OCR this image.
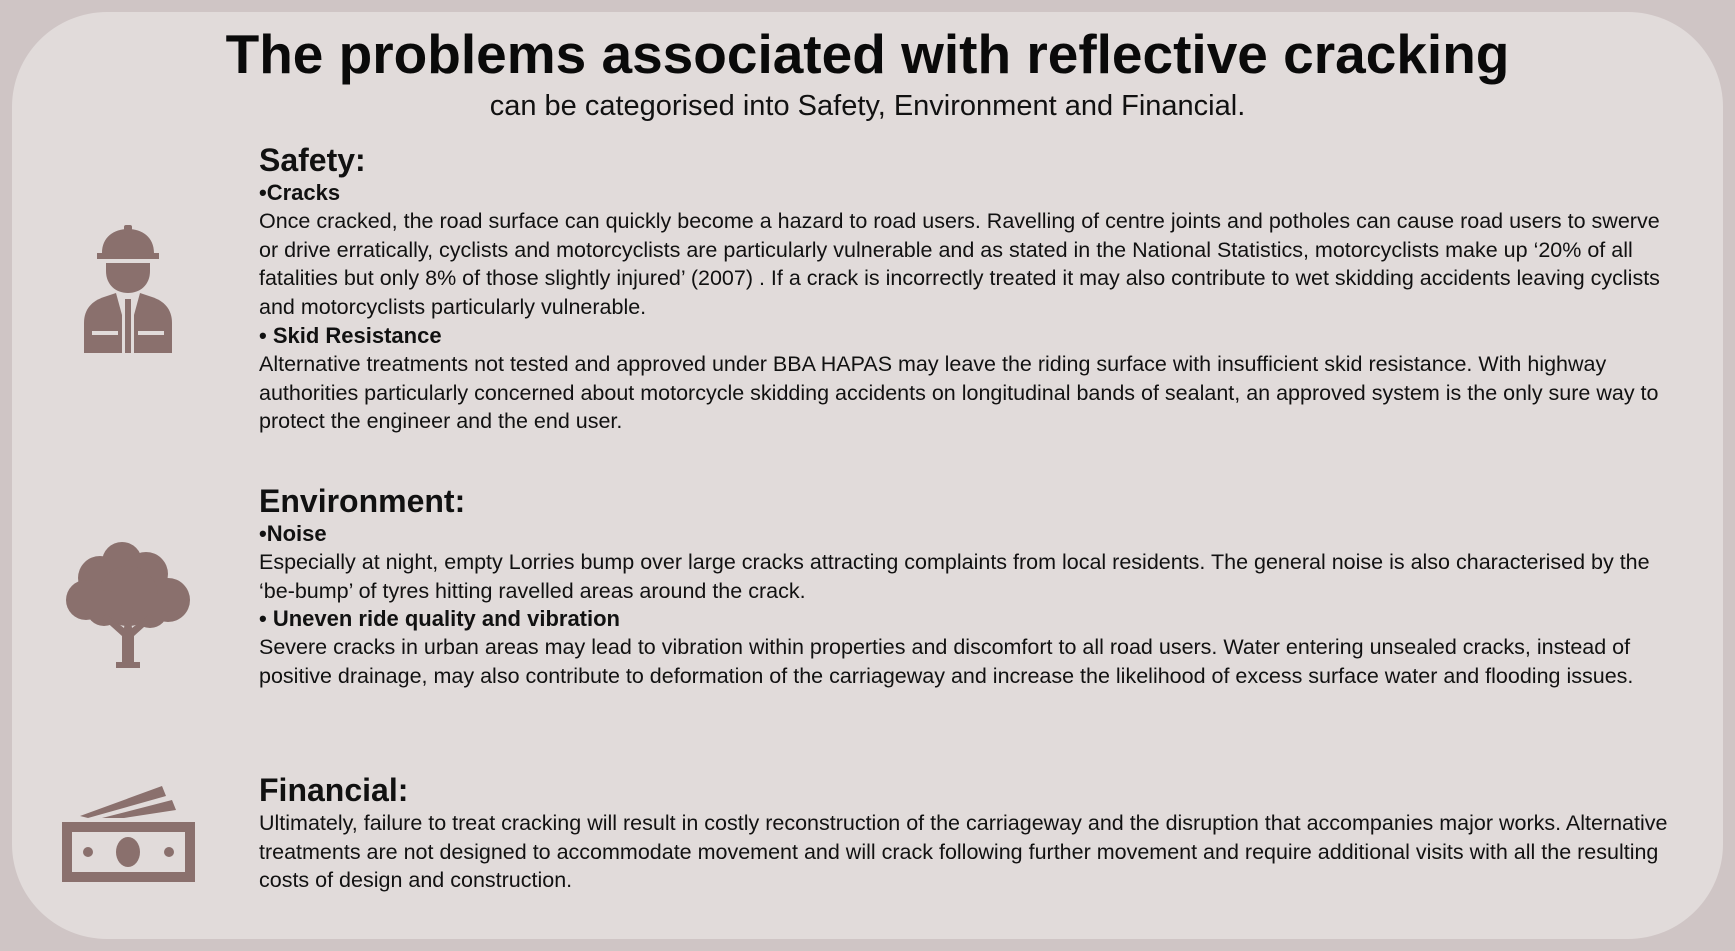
The problems associated with reflective cracking

can be categorised into Safety, Environment and Financial.

Safety:
•Cracks

Once cracked, the road surface can quickly become a hazard to road users. Ravelling of centre joints and potholes can cause road users to swerve or drive erratically, cyclists and motorcyclists are particularly vulnerable and as stated in the National Statistics, motorcyclists make up ‘20% of all fatalities but only 8% of those slightly injured’ (2007) . If a crack is incorrectly treated it may also contribute to wet skidding accidents leaving cyclists and motorcyclists particularly vulnerable.

• Skid Resistance

Alternative treatments not tested and approved under BBA HAPAS may leave the riding surface with insufficient skid resistance. With highway authorities particularly concerned about motorcycle skidding accidents on longitudinal bands of sealant, an approved system is the only sure way to protect the engineer and the end user.

Environment:
•Noise

Especially at night, empty Lorries bump over large cracks attracting complaints from local residents. The general noise is also characterised by the ‘be-bump’ of tyres hitting ravelled areas around the crack.

• Uneven ride quality and vibration

Severe cracks in urban areas may lead to vibration within properties and discomfort to all road users. Water entering unsealed cracks, instead of positive drainage, may also contribute to deformation of the carriageway and increase the likelihood of excess surface water and flooding issues.

Financial:

Ultimately, failure to treat cracking will result in costly reconstruction of the carriageway and the disruption that accompanies major works. Alternative treatments are not designed to accommodate movement and will crack following further movement and require additional visits with all the resulting costs of design and construction.
